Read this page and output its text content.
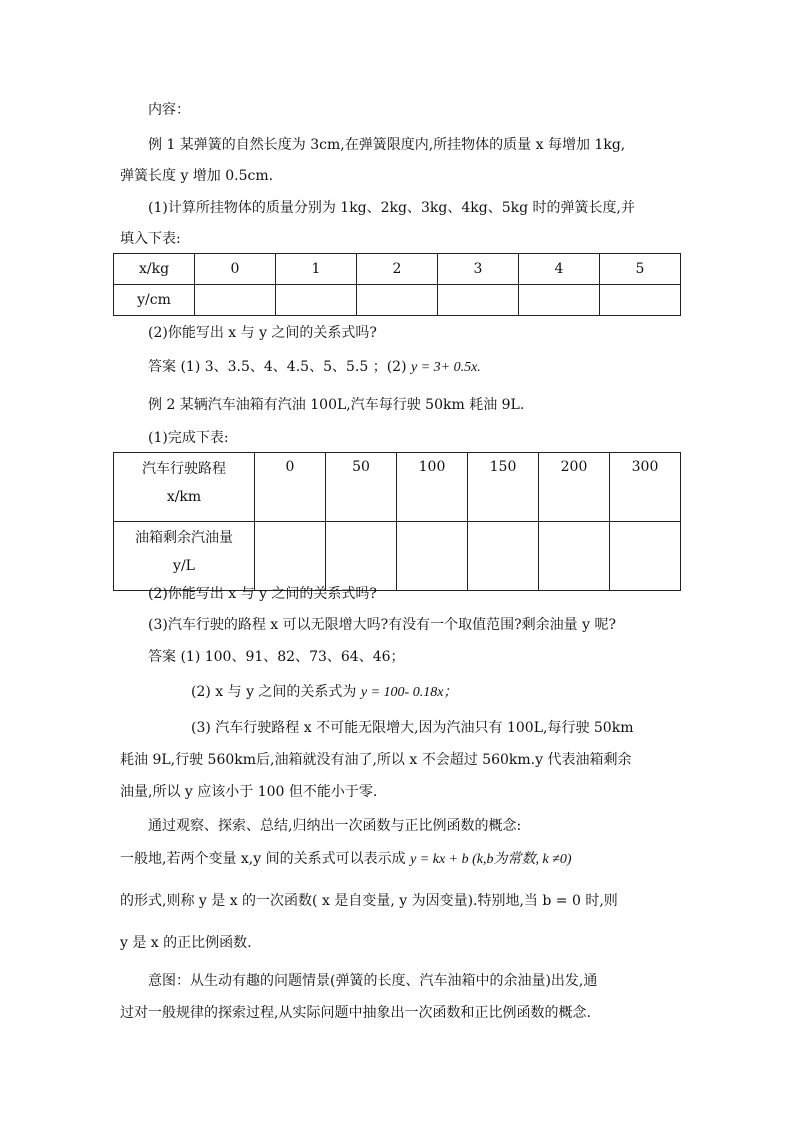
内容：
例 1 某弹簧的自然长度为 3cm,在弹簧限度内,所挂物体的质量 x 每增加 1kg,
弹簧长度 y 增加 0.5cm.
(1)计算所挂物体的质量分别为 1kg、2kg、3kg、4kg、5kg 时的弹簧长度,并
填入下表:
x/kg	0	1	2	3	4	5
y/cm						
(2)你能写出 x 与 y 之间的关系式吗?
答案 (1) 3、3.5、4、4.5、5、5.5 ；(2) y = 3+ 0.5x.
例 2 某辆汽车油箱有汽油 100L,汽车每行驶 50km 耗油 9L.
(1)完成下表:
汽车行驶路程
x/km	0	50	100	150	200	300

油箱剩余汽油量
y/L						

(2)你能写出 x 与 y 之间的关系式吗?
(3)汽车行驶的路程 x 可以无限增大吗?有没有一个取值范围?剩余油量 y 呢?
答案 (1) 100、91、82、73、64、46；
(2) x 与 y 之间的关系式为 y = 100- 0.18x；
(3) 汽车行驶路程 x 不可能无限增大,因为汽油只有 100L,每行驶 50km
耗油 9L,行驶 560km后,油箱就没有油了,所以 x 不会超过 560km.y 代表油箱剩余
油量,所以 y 应该小于 100 但不能小于零.
通过观察、探索、总结,归纳出一次函数与正比例函数的概念:
一般地,若两个变量 x,y 间的关系式可以表示成 y = kx + b (k,b为常数, k ≠0)
的形式,则称 y 是 x 的一次函数( x 是自变量, y 为因变量).特别地,当 b = 0 时,则
y 是 x 的正比例函数.
意图：从生动有趣的问题情景(弹簧的长度、汽车油箱中的余油量)出发,通
过对一般规律的探索过程,从实际问题中抽象出一次函数和正比例函数的概念.
